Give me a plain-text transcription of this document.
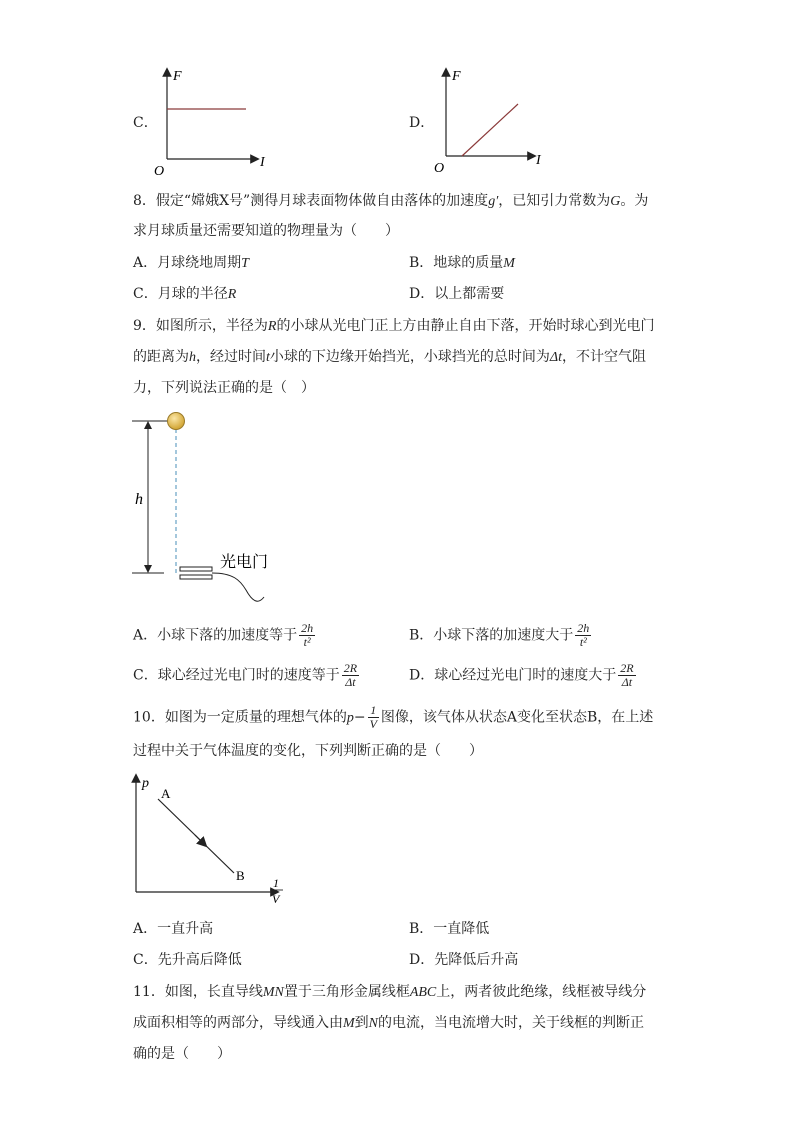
C．
F
I
O
D．
F
I
O
8．假定“嫦娥Ⅹ号”测得月球表面物体做自由落体的加速度g′，已知引力常数为G。为
求月球质量还需要知道的物理量为（　　）
A．月球绕地周期T	B．地球的质量M
C．月球的半径R	D．以上都需要
9．如图所示，半径为R的小球从光电门正上方由静止自由下落，开始时球心到光电门
的距离为h，经过时间t小球的下边缘开始挡光，小球挡光的总时间为Δt，不计空气阻
力，下列说法正确的是（　）
h
光电门
A．小球下落的加速度等于 $\frac{2h}{\text{t²}}$	B．小球下落的加速度大于 $\frac{2h}{\text{t²}}$
C．球心经过光电门时的速度等于 $\frac{2R}{\Delta t}$	D．球心经过光电门时的速度大于 $\frac{2R}{\Delta t}$
10．如图为一定质量的理想气体的$p- \frac{1}{V}$ 图像，该气体从状态A变化至状态B，在上述
过程中关于气体温度的变化，下列判断正确的是（　　）
p
A
B 1
V
A．一直升高	B．一直降低
C．先升高后降低	D．先降低后升高
11．如图，长直导线MN置于三角形金属线框ABC上，两者彼此绝缘，线框被导线分
成面积相等的两部分，导线通入由M到N的电流，当电流增大时，关于线框的判断正
确的是（　　）
